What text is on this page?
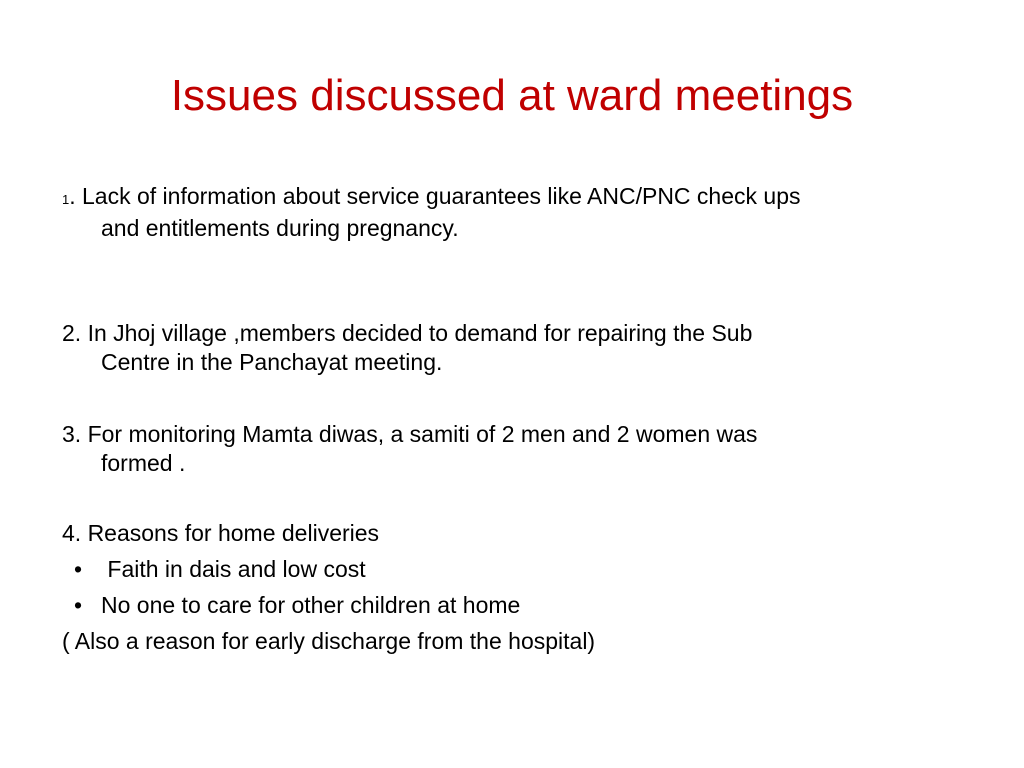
Issues discussed at ward meetings
1. Lack of information about service guarantees like ANC/PNC check ups
and entitlements during pregnancy.
2. In Jhoj village ,members decided to demand for repairing the Sub
Centre in the Panchayat meeting.
3. For monitoring Mamta diwas, a samiti of 2 men and 2 women was
formed .
4. Reasons for home deliveries
• Faith in dais and low cost
• No one to care for other children at home
( Also a reason for early discharge from the hospital)
